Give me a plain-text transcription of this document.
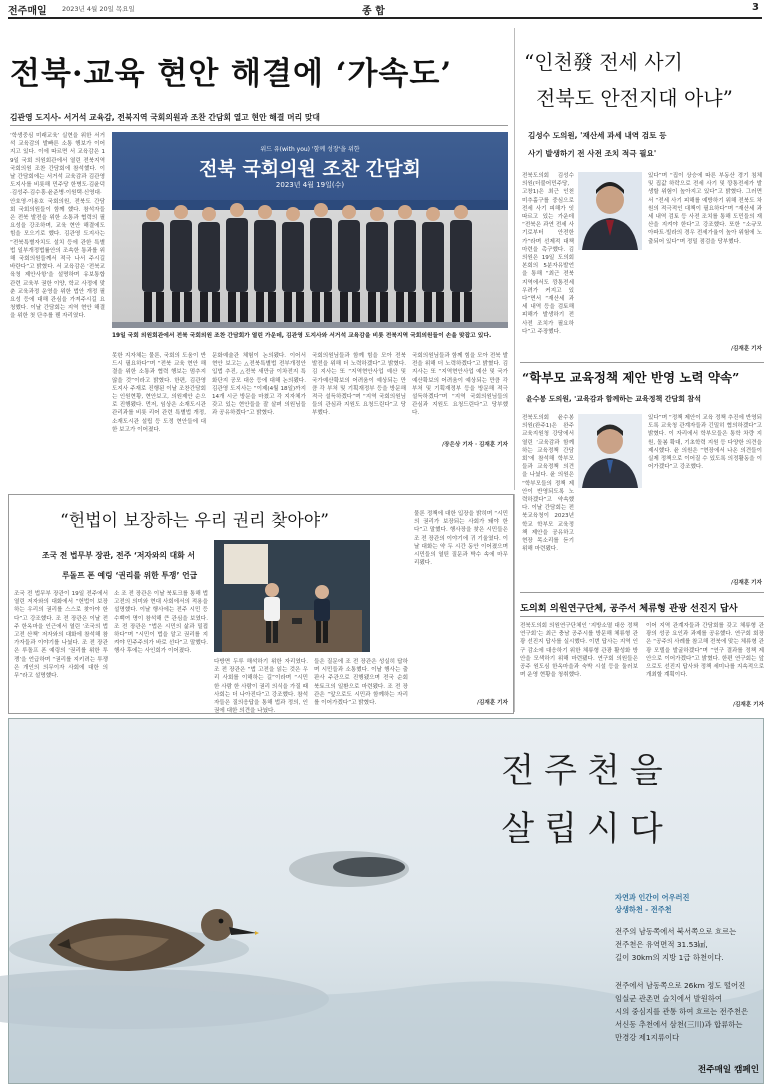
전주매일 2023년 4월 20일 목요일	종 합	3
전북·교육 현안 해결에 ‘가속도’
김관영 도지사- 서거석 교육감, 전북지역 국회의원과 조찬 간담회 열고 현안 해결 머리 맞대
‘학생중심 미래교육’ 실현을 위한 서거석 교육감의 발빠른 소통 행보가 이어지고 있다. 이에 따르면 서 교육감은 19일 국회 의원회관에서 열린 전북지역 국회의원 조찬 간담회에 참석했다. 이날 간담회에는 서거석 교육감과 김관영 도지사를 비롯해 민주당 한병도·김윤덕·김성주·김수흥·윤준병·이원택·신영대·안호영·이용호 국회의원, 전북도 간담회 국회의원들이 함께 했다. 참석자들은 전북 발전을 위한 소통과 협력의 필요성을 강조하며, 교육 현안 해결에도 힘을 모으기로 했다. 김관영 도지사는 “전북특별자치도 설치 등에 관한 특별법 일부개정법률안의 조속한 통과를 위해 국회의원들께서 적극 나서 주시길 바란다”고 밝혔다. 서 교육감은 ‘전북교육청 제안사항’을 설명하며 유보통합 관련 교육부 권한 이양, 학교 사정에 맞춘 교육과정 운영을 위한 법안 개정 필요성 등에 대해 관심을 가져주시길 요청했다. 이날 간담회는 지역 현안 해결을 위한 첫 단추를 꿴 자리였다.
위드 유(with you) '함께 성장'을 위한
전북 국회의원 조찬 간담회
2023년 4월 19일(수)
19일 국회 의원회관에서 전북 국회의원 조찬 간담회가 열린 가운데, 김관영 도지사와 서거석 교육감을 비롯 전북지역 국회의원들이 손을 맞잡고 있다.
못한 지자체는 물론, 국회의 도움이 반드시 필요하다”며 “전북 교육 현안 해결을 위한 소통과 협력 행보는 멈추지 않을 것”이라고 밝혔다. 한편, 김관영 도지사 주재로 진행된 이날 조찬간담회는 인원현황, 현안보고, 의원제안 순으로 진행됐다. 먼저, 임상은 소재도시관 관리과를 비롯 리어 관련 특별법 개정, 소재도시관 설립 등 도정 현안들에 대한 보고가 이어졌다.
문화예술관 체험이 논의됐다. 이어서 현안 보고는 △전북특별법 전부개정안 입법 추진, △전북 새만금 이차전지 특화단지 공모 대응 등에 대해 논의됐다. 김관영 도지사는 “이제(4월 18일)까지 14개 시군 방문을 마쳤고 각 지자체가 갖고 있는 현안들을 잘 살펴 의원님들과 공유하겠다”고 밝혔다.
국회의원님들과 함께 힘을 모아 전북 발전을 위해 더 노력하겠다”고 밝혔다. 김 지사는 또 “지역현안사업 예산 및 국가예산확보의 어려움이 예상되는 만큼 각 부처 및 기획재정부 등을 방문해 적극 설득하겠다”며 “지역 국회의원님들의 관심과 지원도 요청드린다”고 당부했다.
국회의원님들과 함께 힘을 모아 전북 발전을 위해 더 노력하겠다”고 밝혔다. 김 지사는 또 “지역현안사업 예산 및 국가예산확보의 어려움이 예상되는 만큼 각 부처 및 기획재정부 등을 방문해 적극 설득하겠다”며 “지역 국회의원님들의 관심과 지원도 요청드린다”고 당부했다.
/장은상 기자 · 김재훈 기자
“인천發 전세 사기
전북도 안전지대 아냐”
김성수 도의원, '재산세 과세 내역 검토 등
사기 발생하기 전 사전 조치 적극 필요'
전북도의회 김성수 의원(더불어민주당, 고창1)은 최근 인천 미추홀구를 중심으로 전세 사기 피해가 잇따르고 있는 가운데 “전북은 과연 전세 사기로부터 안전한가”라며 선제적 대책 마련을 촉구했다. 김 의원은 19일 도의회 본회의 5분자유발언을 통해 “최근 전북 지역에서도 깡통전세 우려가 커지고 있다”면서 “재산세 과세 내역 등을 검토해 피해가 발생하기 전 사전 조치가 필요하다”고 주장했다.
있다”며 “집이 상승에 따른 부동산 경기 침체 및 집값 하락으로 전세 사기 및 깡통전세가 발생할 위험이 높아지고 있다”고 밝혔다. 그러면서 “전세 사기 피해를 예방하기 위해 전북도 차원의 적극적인 대책이 필요하다”며 “재산세 과세 내역 검토 등 사전 조치를 통해 도민들의 재산을 지켜야 한다”고 강조했다. 또한 “소규모 아파트·빌라의 경우 전세가율이 높아 위험에 노출되어 있다”며 정밀 점검을 당부했다.
/김재훈 기자
“학부모 교육정책 제안 반영 노력 약속”
윤수봉 도의원, '교육감과 함께하는 교육정책 간담회 참석
전북도의회 윤수봉 의원(완주1)은 완주교육지원청 강당에서 열린 ‘교육감과 함께하는 교육정책 간담회’에 참석해 학부모들과 교육정책 의견을 나눴다. 윤 의원은 “학부모들의 정책 제안이 반영되도록 노력하겠다”고 약속했다. 이날 간담회는 전북교육청이 2023년 학교 학부모 교육정책 제안을 공유하고 현장 목소리를 듣기 위해 마련됐다.
있다”며 “정책 제안이 교육 정책 추진에 반영되도록 교육청 관계자들과 긴밀히 협의하겠다”고 밝혔다. 이 자리에서 학부모들은 통학 차량 지원, 돌봄 확대, 기초학력 지원 등 다양한 의견을 제시했다. 윤 의원은 “현장에서 나온 의견들이 실제 정책으로 이어질 수 있도록 의정활동을 이어가겠다”고 강조했다.
/김재훈 기자
“헌법이 보장하는 우리 권리 찾아야”
조국 전 법무부 장관, 전주 ‘저자와의 대화 서
루돌프 폰 예링 ‘권리를 위한 투쟁’ 언급
조국 전 법무부 장관이 19일 전주에서 열린 저자와의 대화에서 “헌법이 보장하는 우리의 권리를 스스로 찾아야 한다”고 강조했다. 조 전 장관은 이날 전주 한옥마을 인근에서 열린 ‘조국의 법고전 산책’ 저자와의 대화에 참석해 참가자들과 이야기를 나눴다. 조 전 장관은 루돌프 폰 예링의 ‘권리를 위한 투쟁’을 언급하며 “권리를 지키려는 투쟁은 개인의 의무이자 사회에 대한 의무”라고 설명했다.
소 조 전 장관은 이날 북토크를 통해 법 고전의 의미와 현대 사회에서의 적용을 설명했다. 이날 행사에는 전주 시민 등 수백여 명이 참석해 큰 관심을 보였다. 조 전 장관은 “법은 시민의 삶과 밀접하다”며 “시민이 법을 알고 권리를 지켜야 민주주의가 바로 선다”고 말했다. 행사 후에는 사인회가 이어졌다.
다방면 두루 해석하기 위한 자리였다. 조 전 장관은 “법 고전을 읽는 것은 우리 사회를 이해하는 길”이라며 “시민 한 사람 한 사람이 권리 의식을 가질 때 사회는 더 나아진다”고 강조했다. 참석자들은 질의응답을 통해 법과 정의, 인권에 대한 의견을 나눴다.
들은 질문에 조 전 장관은 성실히 답하며 시민들과 소통했다. 이날 행사는 출판사 주관으로 진행됐으며 전국 순회 북토크의 일환으로 마련됐다. 조 전 장관은 “앞으로도 시민과 함께하는 자리를 이어가겠다”고 밝혔다.
물론 정책에 대한 입장을 밝히며 “시민의 권리가 보장되는 사회가 돼야 한다”고 말했다. 행사장을 찾은 시민들은 조 전 장관의 이야기에 귀 기울였다. 이날 대화는 약 두 시간 동안 이어졌으며 시민들의 열띤 질문과 박수 속에 마무리됐다.
/김재훈 기자
도의회 의원연구단체, 공주서 체류형 관광 선진지 답사
전북도의회 의원연구단체인 ‘지방소멸 대응 정책 연구회’는 최근 충남 공주시를 방문해 체류형 관광 선진지 답사를 실시했다. 이번 답사는 지역 인구 감소에 대응하기 위한 체류형 관광 활성화 방안을 모색하기 위해 마련됐다. 연구회 의원들은 공주 원도심 한옥마을과 숙박 시설 등을 둘러보며 운영 현황을 청취했다.
이어 지역 관계자들과 간담회를 갖고 체류형 관광의 성공 요인과 과제를 공유했다. 연구회 회장은 “공주의 사례를 참고해 전북에 맞는 체류형 관광 모델을 발굴하겠다”며 “연구 결과를 정책 제안으로 이어가겠다”고 밝혔다. 한편 연구회는 앞으로도 선진지 답사와 정책 세미나를 지속적으로 개최할 계획이다.
/김재훈 기자
전주천을
살립시다
자연과 인간이 어우러진
상생하천 - 전주천
전주의 남동쪽에서 북서쪽으로 흐르는
전주천은 유역면적 31.53㎢,
길이 30km의 지방 1급 하천이다.
전주에서 남동쪽으로 26km 정도 떨어진
임실군 관촌면 슬치에서 발원하여
시의 중심지를 관통 하여 흐르는 전주천은
서신동 추천에서 삼천(三川)과 합류하는
만경강 제1지류이다
전주매일 캠페인
